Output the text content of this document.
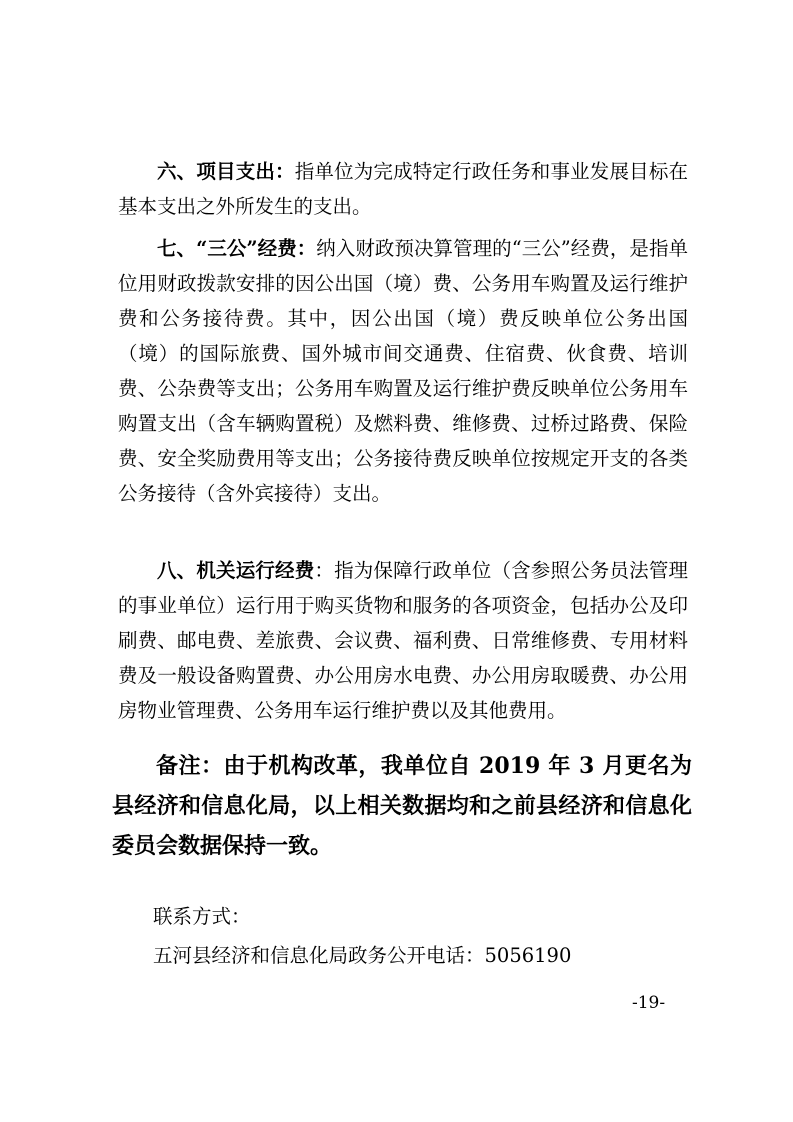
六、项目支出：指单位为完成特定行政任务和事业发展目标在基本支出之外所发生的支出。

七、“三公”经费：纳入财政预决算管理的“三公”经费，是指单位用财政拨款安排的因公出国（境）费、公务用车购置及运行维护费和公务接待费。其中，因公出国（境）费反映单位公务出国（境）的国际旅费、国外城市间交通费、住宿费、伙食费、培训费、公杂费等支出；公务用车购置及运行维护费反映单位公务用车购置支出（含车辆购置税）及燃料费、维修费、过桥过路费、保险费、安全奖励费用等支出；公务接待费反映单位按规定开支的各类公务接待（含外宾接待）支出。

八、机关运行经费：指为保障行政单位（含参照公务员法管理的事业单位）运行用于购买货物和服务的各项资金，包括办公及印刷费、邮电费、差旅费、会议费、福利费、日常维修费、专用材料费及一般设备购置费、办公用房水电费、办公用房取暖费、办公用房物业管理费、公务用车运行维护费以及其他费用。

备注：由于机构改革，我单位自 2019 年 3 月更名为县经济和信息化局，以上相关数据均和之前县经济和信息化委员会数据保持一致。

联系方式：

五河县经济和信息化局政务公开电话：5056190

-19-
